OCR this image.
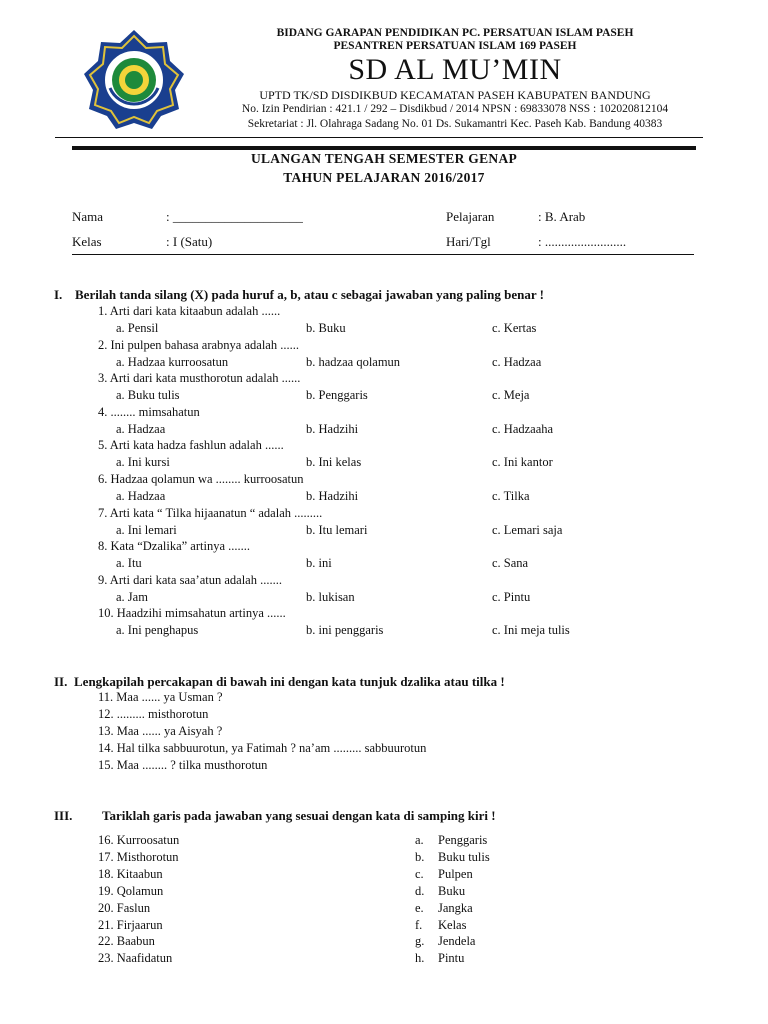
BIDANG GARAPAN PENDIDIKAN PC. PERSATUAN ISLAM PASEH
PESANTREN PERSATUAN ISLAM 169 PASEH
SD AL MU’MIN
UPTD TK/SD DISDIKBUD KECAMATAN PASEH KABUPATEN BANDUNG
No. Izin Pendirian : 421.1 / 292 – Disdikbud / 2014 NPSN : 69833078 NSS : 102020812104
Sekretariat : Jl. Olahraga Sadang No. 01 Ds. Sukamantri Kec. Paseh Kab. Bandung 40383
ULANGAN TENGAH SEMESTER GENAP
TAHUN PELAJARAN 2016/2017
Nama	: ____________________	Pelajaran	: B. Arab
Kelas	: I (Satu)	Hari/Tgl	: .........................
I. Berilah tanda silang (X) pada huruf a, b, atau c sebagai jawaban yang paling benar !
1. Arti dari kata kitaabun adalah ......
a. Pensil	b. Buku	c. Kertas
2. Ini pulpen bahasa arabnya adalah ......
a. Hadzaa kurroosatun	b. hadzaa qolamun	c. Hadzaa
3. Arti dari kata musthorotun adalah ......
a. Buku tulis	b. Penggaris	c. Meja
4. ........ mimsahatun
a. Hadzaa	b. Hadzihi	c. Hadzaaha
5. Arti kata hadza fashlun adalah ......
a. Ini kursi	b. Ini kelas	c. Ini kantor
6. Hadzaa qolamun wa ........ kurroosatun
a. Hadzaa	b. Hadzihi	c. Tilka
7. Arti kata “ Tilka hijaanatun “ adalah .........
a. Ini lemari	b. Itu lemari	c. Lemari saja
8. Kata “Dzalika” artinya .......
a. Itu	b. ini	c. Sana
9. Arti dari kata saa’atun adalah .......
a. Jam	b. lukisan	c. Pintu
10. Haadzihi mimsahatun artinya ......
a. Ini penghapus	b. ini penggaris	c. Ini meja tulis
II. Lengkapilah percakapan di bawah ini dengan kata tunjuk dzalika atau tilka !
11. Maa ...... ya Usman ?
12. ......... misthorotun
13. Maa ...... ya Aisyah ?
14. Hal tilka sabbuurotun, ya Fatimah ? na’am ......... sabbuurotun
15. Maa ........ ? tilka musthorotun
III. Tariklah garis pada jawaban yang sesuai dengan kata di samping kiri !
16. Kurroosatun	a. Penggaris
17. Misthorotun	b. Buku tulis
18. Kitaabun	c. Pulpen
19. Qolamun	d. Buku
20. Faslun	e. Jangka
21. Firjaarun	f. Kelas
22. Baabun	g. Jendela
23. Naafidatun	h. Pintu
